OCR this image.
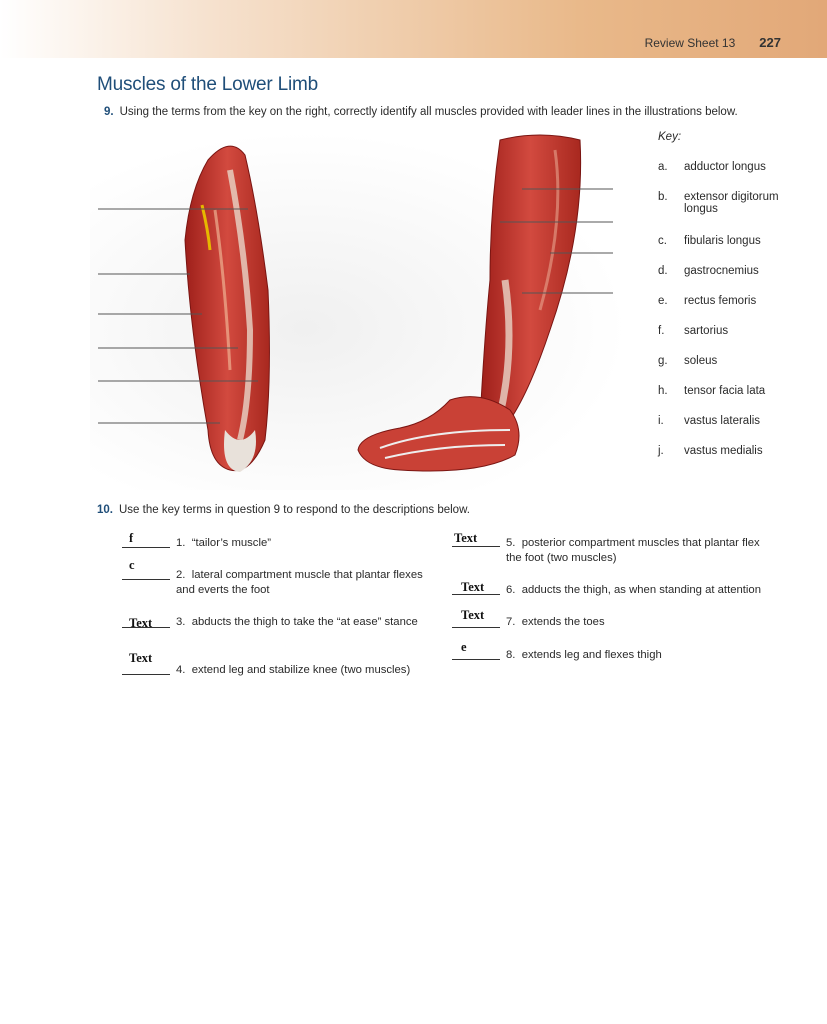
Review Sheet 13 227
Muscles of the Lower Limb
9. Using the terms from the key on the right, correctly identify all muscles provided with leader lines in the illustrations below.
Key:
a. adductor longus
b. extensor digitorum longus
c. fibularis longus
d. gastrocnemius
e. rectus femoris
f. sartorius
g. soleus
h. tensor facia lata
i. vastus lateralis
j. vastus medialis
10. Use the key terms in question 9 to respond to the descriptions below.
f	1. “tailor’s muscle”
c
2. lateral compartment muscle that plantar flexes and everts the foot
Text 3. abducts the thigh to take the “at ease” stance
Text
4. extend leg and stabilize knee (two muscles)
Text	5. posterior compartment muscles that plantar flex the foot (two muscles)
Text 6. adducts the thigh, as when standing at attention
Text 7. extends the toes
e
8. extends leg and flexes thigh
